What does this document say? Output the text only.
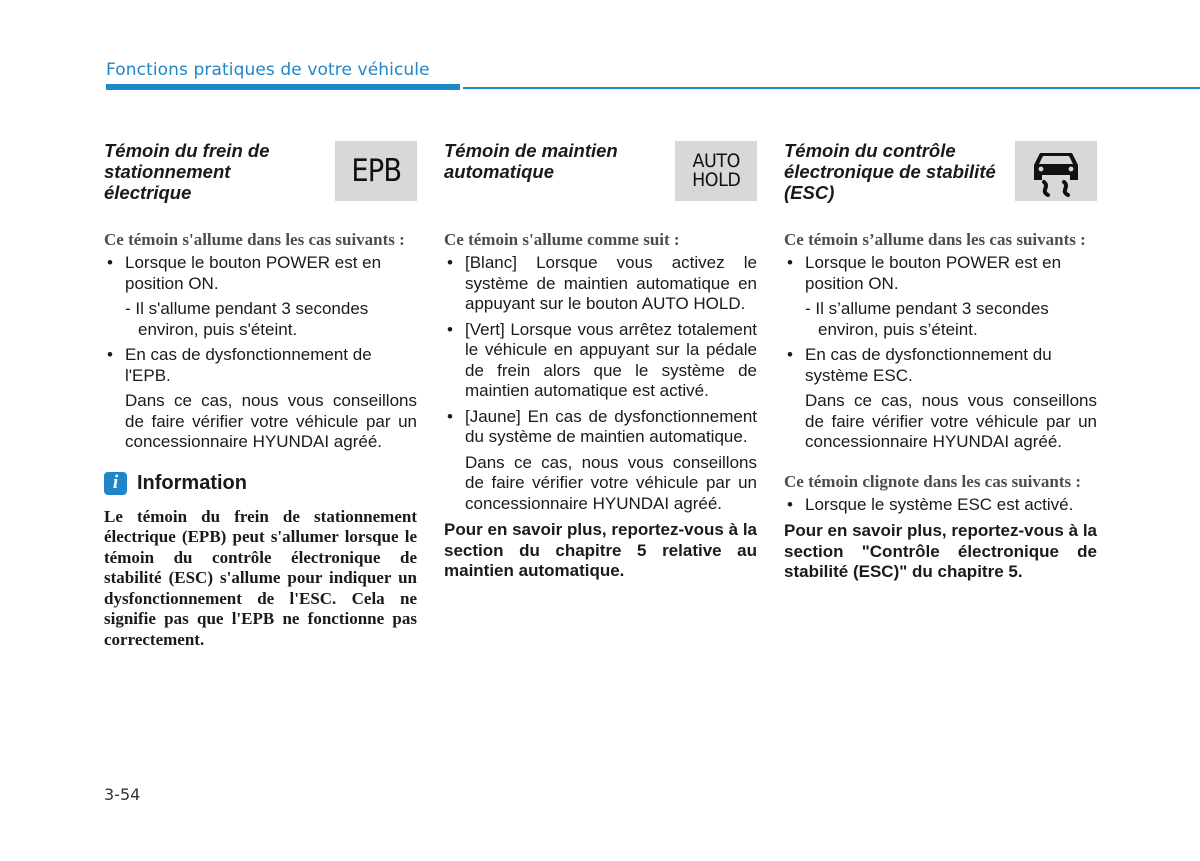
Fonctions pratiques de votre véhicule

Témoin du frein de stationnement électrique

EPB

Ce témoin s'allume dans les cas suivants :

• Lorsque le bouton POWER est en position ON.

- Il s'allume pendant 3 secondes environ, puis s'éteint.

• En cas de dysfonctionnement de l'EPB.

Dans ce cas, nous vous conseillons de faire vérifier votre véhicule par un concessionnaire HYUNDAI agréé.

i Information

Le témoin du frein de stationnement électrique (EPB) peut s'allumer lorsque le témoin du contrôle électronique de stabilité (ESC) s'allume pour indiquer un dysfonctionnement de l'ESC. Cela ne signifie pas que l'EPB ne fonctionne pas correctement.

Témoin de maintien automatique	AUTO
HOLD

Ce témoin s'allume comme suit :

• [Blanc] Lorsque vous activez le système de maintien automatique en appuyant sur le bouton AUTO HOLD.
• [Vert] Lorsque vous arrêtez totalement le véhicule en appuyant sur la pédale de frein alors que le système de maintien automatique est activé.
• [Jaune] En cas de dysfonctionnement du système de maintien automatique.

Dans ce cas, nous vous conseillons de faire vérifier votre véhicule par un concessionnaire HYUNDAI agréé.

Pour en savoir plus, reportez-vous à la section du chapitre 5 relative au maintien automatique.

Témoin du contrôle électronique de stabilité (ESC)

Ce témoin s’allume dans les cas suivants :

• Lorsque le bouton POWER est en position ON.

- Il s’allume pendant 3 secondes environ, puis s’éteint.

• En cas de dysfonctionnement du système ESC.

Dans ce cas, nous vous conseillons de faire vérifier votre véhicule par un concessionnaire HYUNDAI agréé.

Ce témoin clignote dans les cas suivants :

• Lorsque le système ESC est activé.

Pour en savoir plus, reportez-vous à la section "Contrôle électronique de stabilité (ESC)" du chapitre 5.

3-54
